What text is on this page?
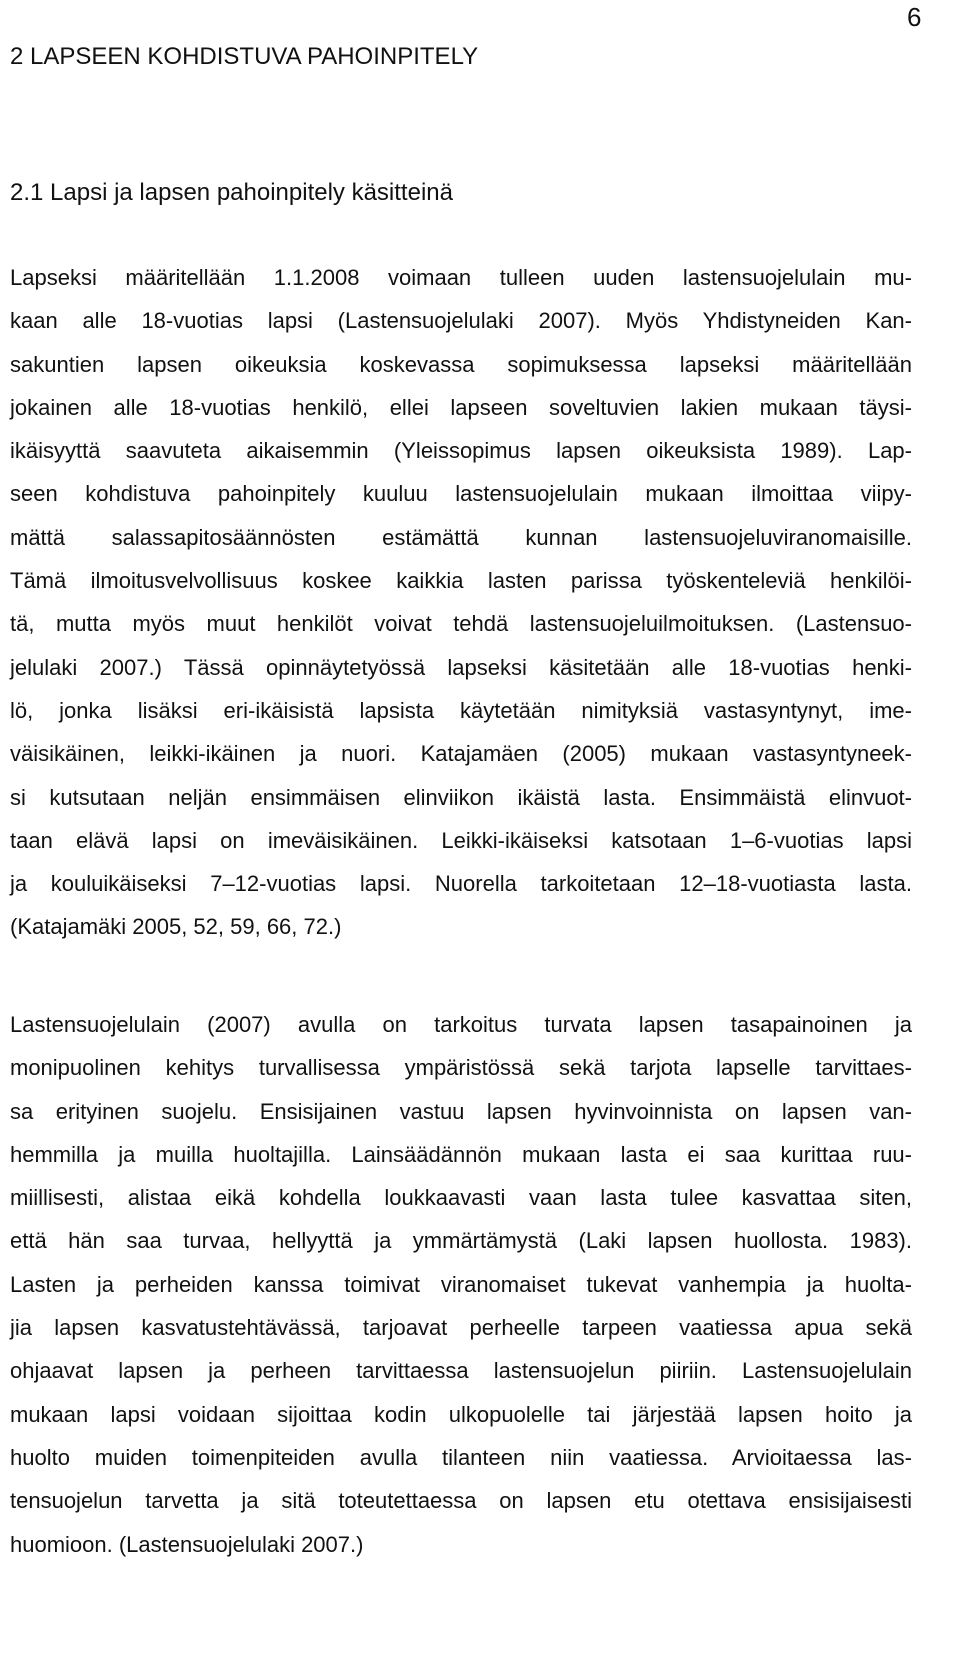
6
2 LAPSEEN KOHDISTUVA PAHOINPITELY
2.1 Lapsi ja lapsen pahoinpitely käsitteinä
Lapseksi määritellään 1.1.2008 voimaan tulleen uuden lastensuojelulain mu-
kaan alle 18-vuotias lapsi (Lastensuojelulaki 2007). Myös Yhdistyneiden Kan-
sakuntien lapsen oikeuksia koskevassa sopimuksessa lapseksi määritellään
jokainen alle 18-vuotias henkilö, ellei lapseen soveltuvien lakien mukaan täysi-
ikäisyyttä saavuteta aikaisemmin (Yleissopimus lapsen oikeuksista 1989). Lap-
seen kohdistuva pahoinpitely kuuluu lastensuojelulain mukaan ilmoittaa viipy-
mättä salassapitosäännösten estämättä kunnan lastensuojeluviranomaisille.
Tämä ilmoitusvelvollisuus koskee kaikkia lasten parissa työskenteleviä henkilöi-
tä, mutta myös muut henkilöt voivat tehdä lastensuojeluilmoituksen. (Lastensuo-
jelulaki 2007.) Tässä opinnäytetyössä lapseksi käsitetään alle 18-vuotias henki-
lö, jonka lisäksi eri-ikäisistä lapsista käytetään nimityksiä vastasyntynyt, ime-
väisikäinen, leikki-ikäinen ja nuori. Katajamäen (2005) mukaan vastasyntyneek-
si kutsutaan neljän ensimmäisen elinviikon ikäistä lasta. Ensimmäistä elinvuot-
taan elävä lapsi on imeväisikäinen. Leikki-ikäiseksi katsotaan 1–6-vuotias lapsi
ja kouluikäiseksi 7–12-vuotias lapsi. Nuorella tarkoitetaan 12–18-vuotiasta lasta.
(Katajamäki 2005, 52, 59, 66, 72.)
Lastensuojelulain (2007) avulla on tarkoitus turvata lapsen tasapainoinen ja
monipuolinen kehitys turvallisessa ympäristössä sekä tarjota lapselle tarvittaes-
sa erityinen suojelu. Ensisijainen vastuu lapsen hyvinvoinnista on lapsen van-
hemmilla ja muilla huoltajilla. Lainsäädännön mukaan lasta ei saa kurittaa ruu-
miillisesti, alistaa eikä kohdella loukkaavasti vaan lasta tulee kasvattaa siten,
että hän saa turvaa, hellyyttä ja ymmärtämystä (Laki lapsen huollosta. 1983).
Lasten ja perheiden kanssa toimivat viranomaiset tukevat vanhempia ja huolta-
jia lapsen kasvatustehtävässä, tarjoavat perheelle tarpeen vaatiessa apua sekä
ohjaavat lapsen ja perheen tarvittaessa lastensuojelun piiriin. Lastensuojelulain
mukaan lapsi voidaan sijoittaa kodin ulkopuolelle tai järjestää lapsen hoito ja
huolto muiden toimenpiteiden avulla tilanteen niin vaatiessa. Arvioitaessa las-
tensuojelun tarvetta ja sitä toteutettaessa on lapsen etu otettava ensisijaisesti
huomioon. (Lastensuojelulaki 2007.)
